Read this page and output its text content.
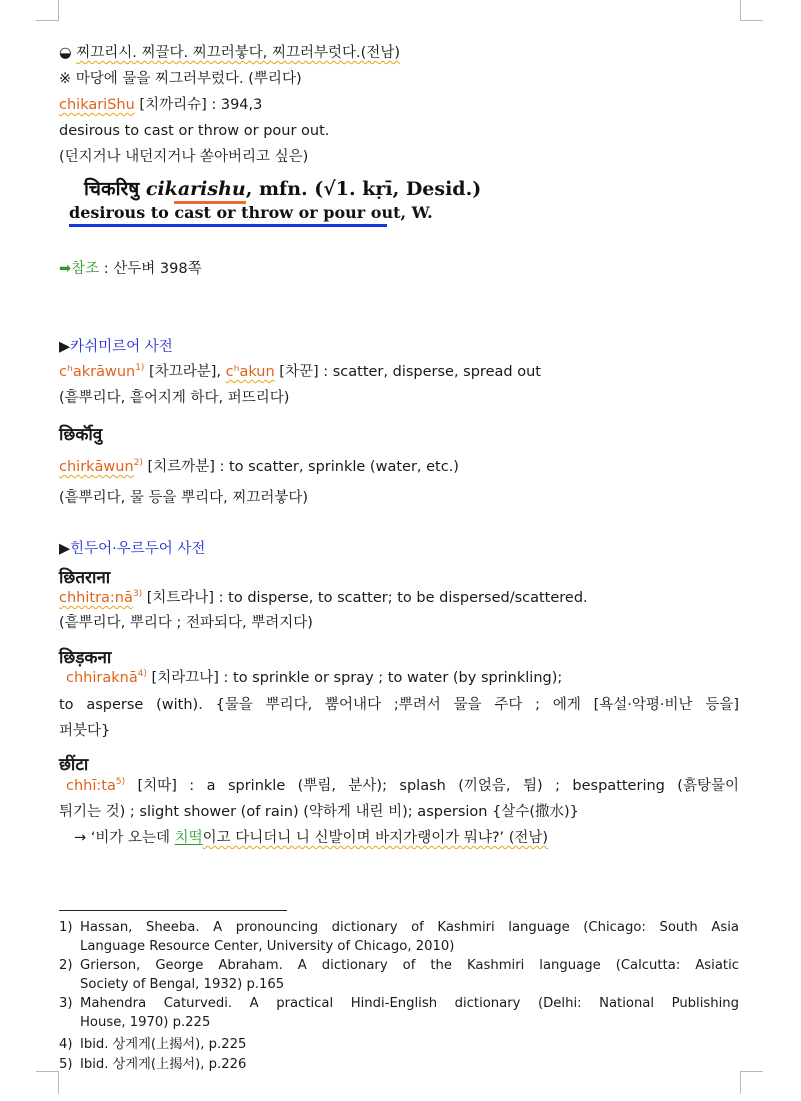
◒ 찌끄리시. 찌끌다. 찌끄러붛다, 찌끄러부럿다.(전남)
※ 마당에 물을 찌그러부렀다. (뿌리다)
chikariShu [치까리슈] : 394,3
desirous to cast or throw or pour out.
(던지거나 내던지거나 쏟아버리고 싶은)
चिकरिषु cikarishu, mfn. (√1. kṛī, Desid.)
desirous to cast or throw or pour out, W.
➡참조 : 산두벼 398쪽
▶카쉬미르어 사전
cʰakrāwun$^{1)}$ [차끄라분], cʰakun [차꾼] : scatter, disperse, spread out
(흩뿌리다, 흩어지게 하다, 퍼뜨리다)
छिर्कॉवु
chirkāwun$^{2)}$ [치르까분] : to scatter, sprinkle (water, etc.)
(흩뿌리다, 물 등을 뿌리다, 찌끄러붛다)
▶힌두어·우르두어 사전
छितराना
$chhitra:nā^{3)}$ [치트라나] : to disperse, to scatter; to be dispersed/scattered.
(흩뿌리다, 뿌리다 ; 전파되다, 뿌려지다)
छिड़कना
chhiraknā$^{4)}$ [치라끄나] : to sprinkle or spray ; to water (by sprinkling);
to asperse (with). {물을 뿌리다, 뿜어내다 ;뿌려서 물을 주다 ; 에게 [욕설·악평·비난 등을]
퍼붓다}
छींटा
$chhī:ta^{5)}$ [치따] : a sprinkle (뿌림, 분사); splash (끼얹음, 튐) ; bespattering (흙탕물이
튀기는 것) ; slight shower (of rain) (약하게 내린 비); aspersion {살수(撒水)}
→ ‘비가 오는데 치떡이고 다니더니 니 신발이며 바지가랭이가 뭐냐?’ (전남)
1) Hassan, Sheeba. A pronouncing dictionary of Kashmiri language (Chicago: South Asia
Language Resource Center, University of Chicago, 2010)
2) Grierson, George Abraham. A dictionary of the Kashmiri language (Calcutta: Asiatic
Society of Bengal, 1932) p.165
3) Mahendra Caturvedi. A practical Hindi-English dictionary (Delhi: National Publishing
House, 1970) p.225
4) Ibid. 상게게(上揭서), p.225
5) Ibid. 상게게(上揭서), p.226
